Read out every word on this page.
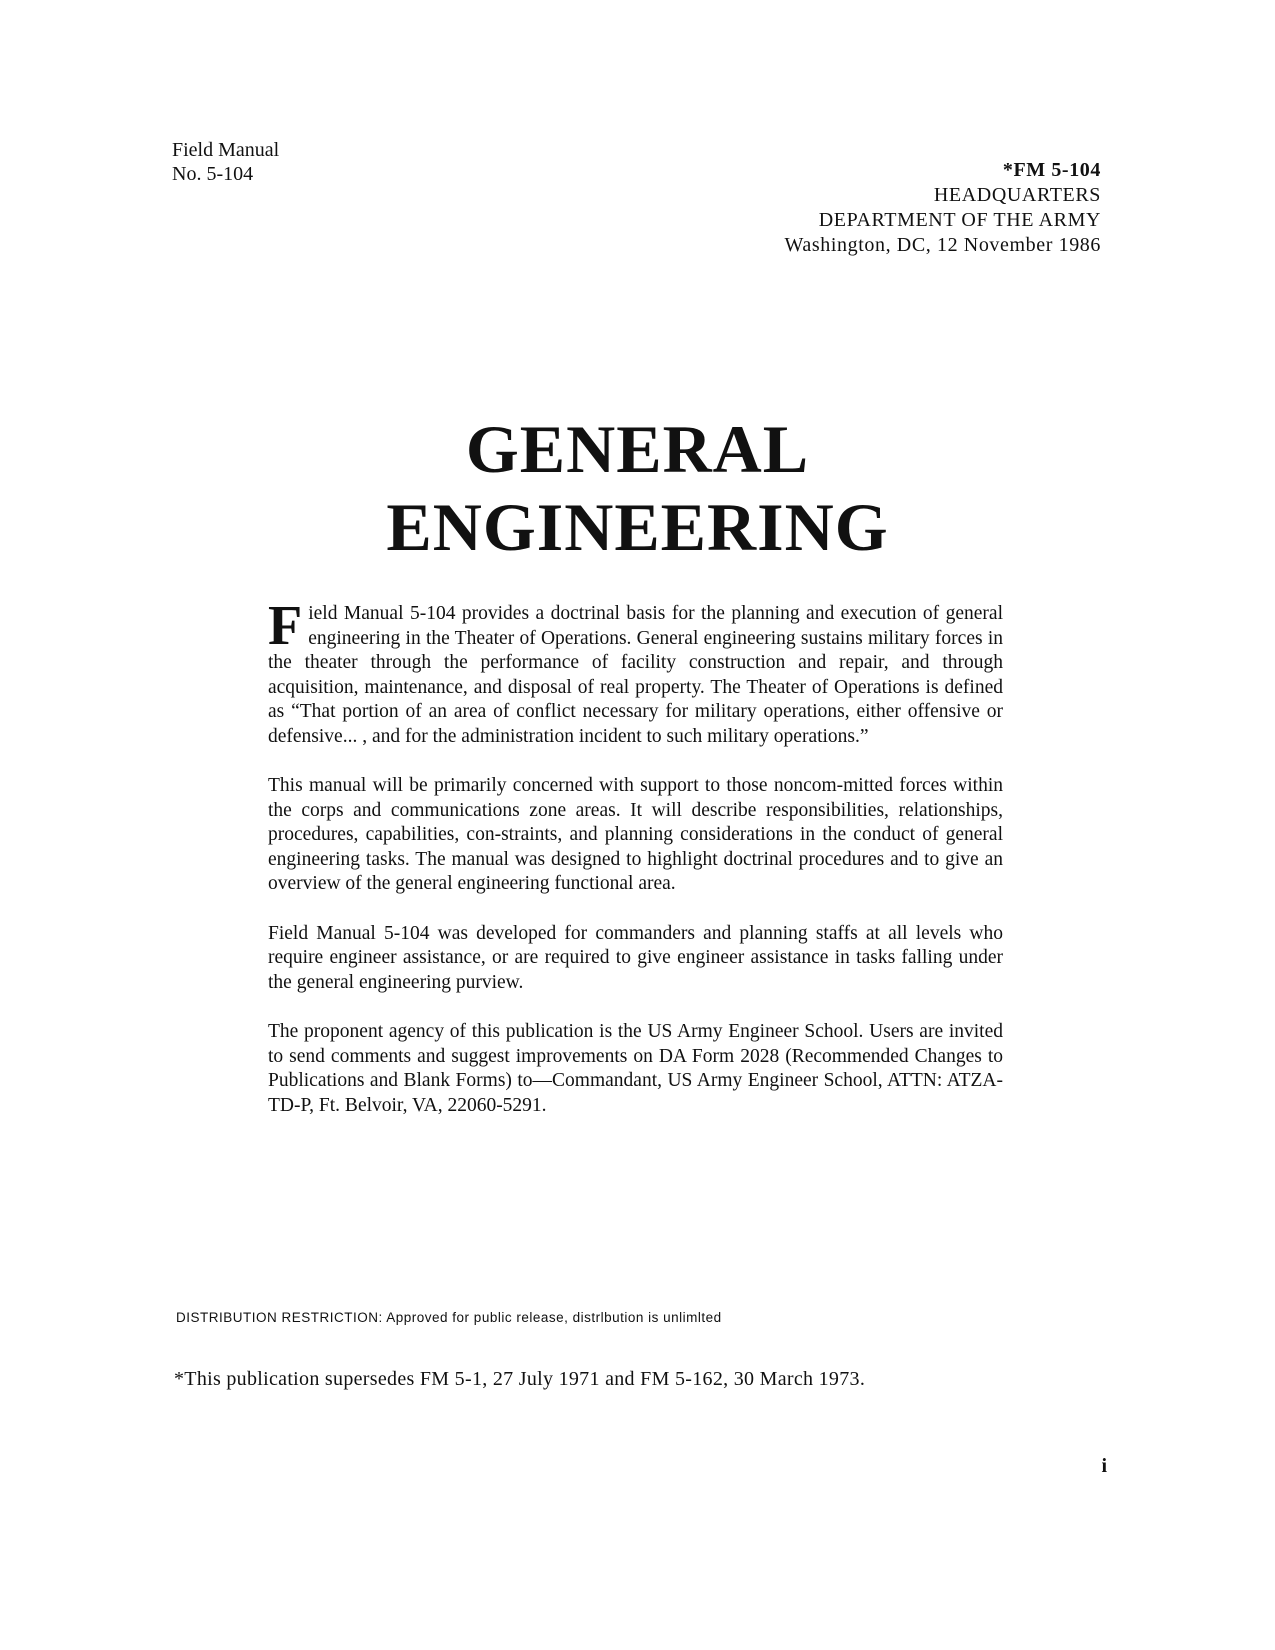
Field Manual
No. 5-104	*FM 5-104
HEADQUARTERS
DEPARTMENT OF THE ARMY
Washington, DC, 12 November 1986
GENERAL
ENGINEERING

Field Manual 5-104 provides a doctrinal basis for the planning and execution of general engineering in the Theater of Operations. General engineering sustains military forces in the theater through the performance of facility construction and repair, and through acquisition, maintenance, and disposal of real property. The Theater of Operations is defined as “That portion of an area of conflict necessary for military operations, either offensive or defensive... , and for the administration incident to such military operations.”

This manual will be primarily concerned with support to those noncom-mitted forces within the corps and communications zone areas. It will describe responsibilities, relationships, procedures, capabilities, con-straints, and planning considerations in the conduct of general engineering tasks. The manual was designed to highlight doctrinal procedures and to give an overview of the general engineering functional area.

Field Manual 5-104 was developed for commanders and planning staffs at all levels who require engineer assistance, or are required to give engineer assistance in tasks falling under the general engineering purview.

The proponent agency of this publication is the US Army Engineer School. Users are invited to send comments and suggest improvements on DA Form 2028 (Recommended Changes to Publications and Blank Forms) to—Commandant, US Army Engineer School, ATTN: ATZA-TD-P, Ft. Belvoir, VA, 22060-5291.

DISTRIBUTION RESTRICTION: Approved for public release, distrlbution is unlimlted
*This publication supersedes FM 5-1, 27 July 1971 and FM 5-162, 30 March 1973.
i
